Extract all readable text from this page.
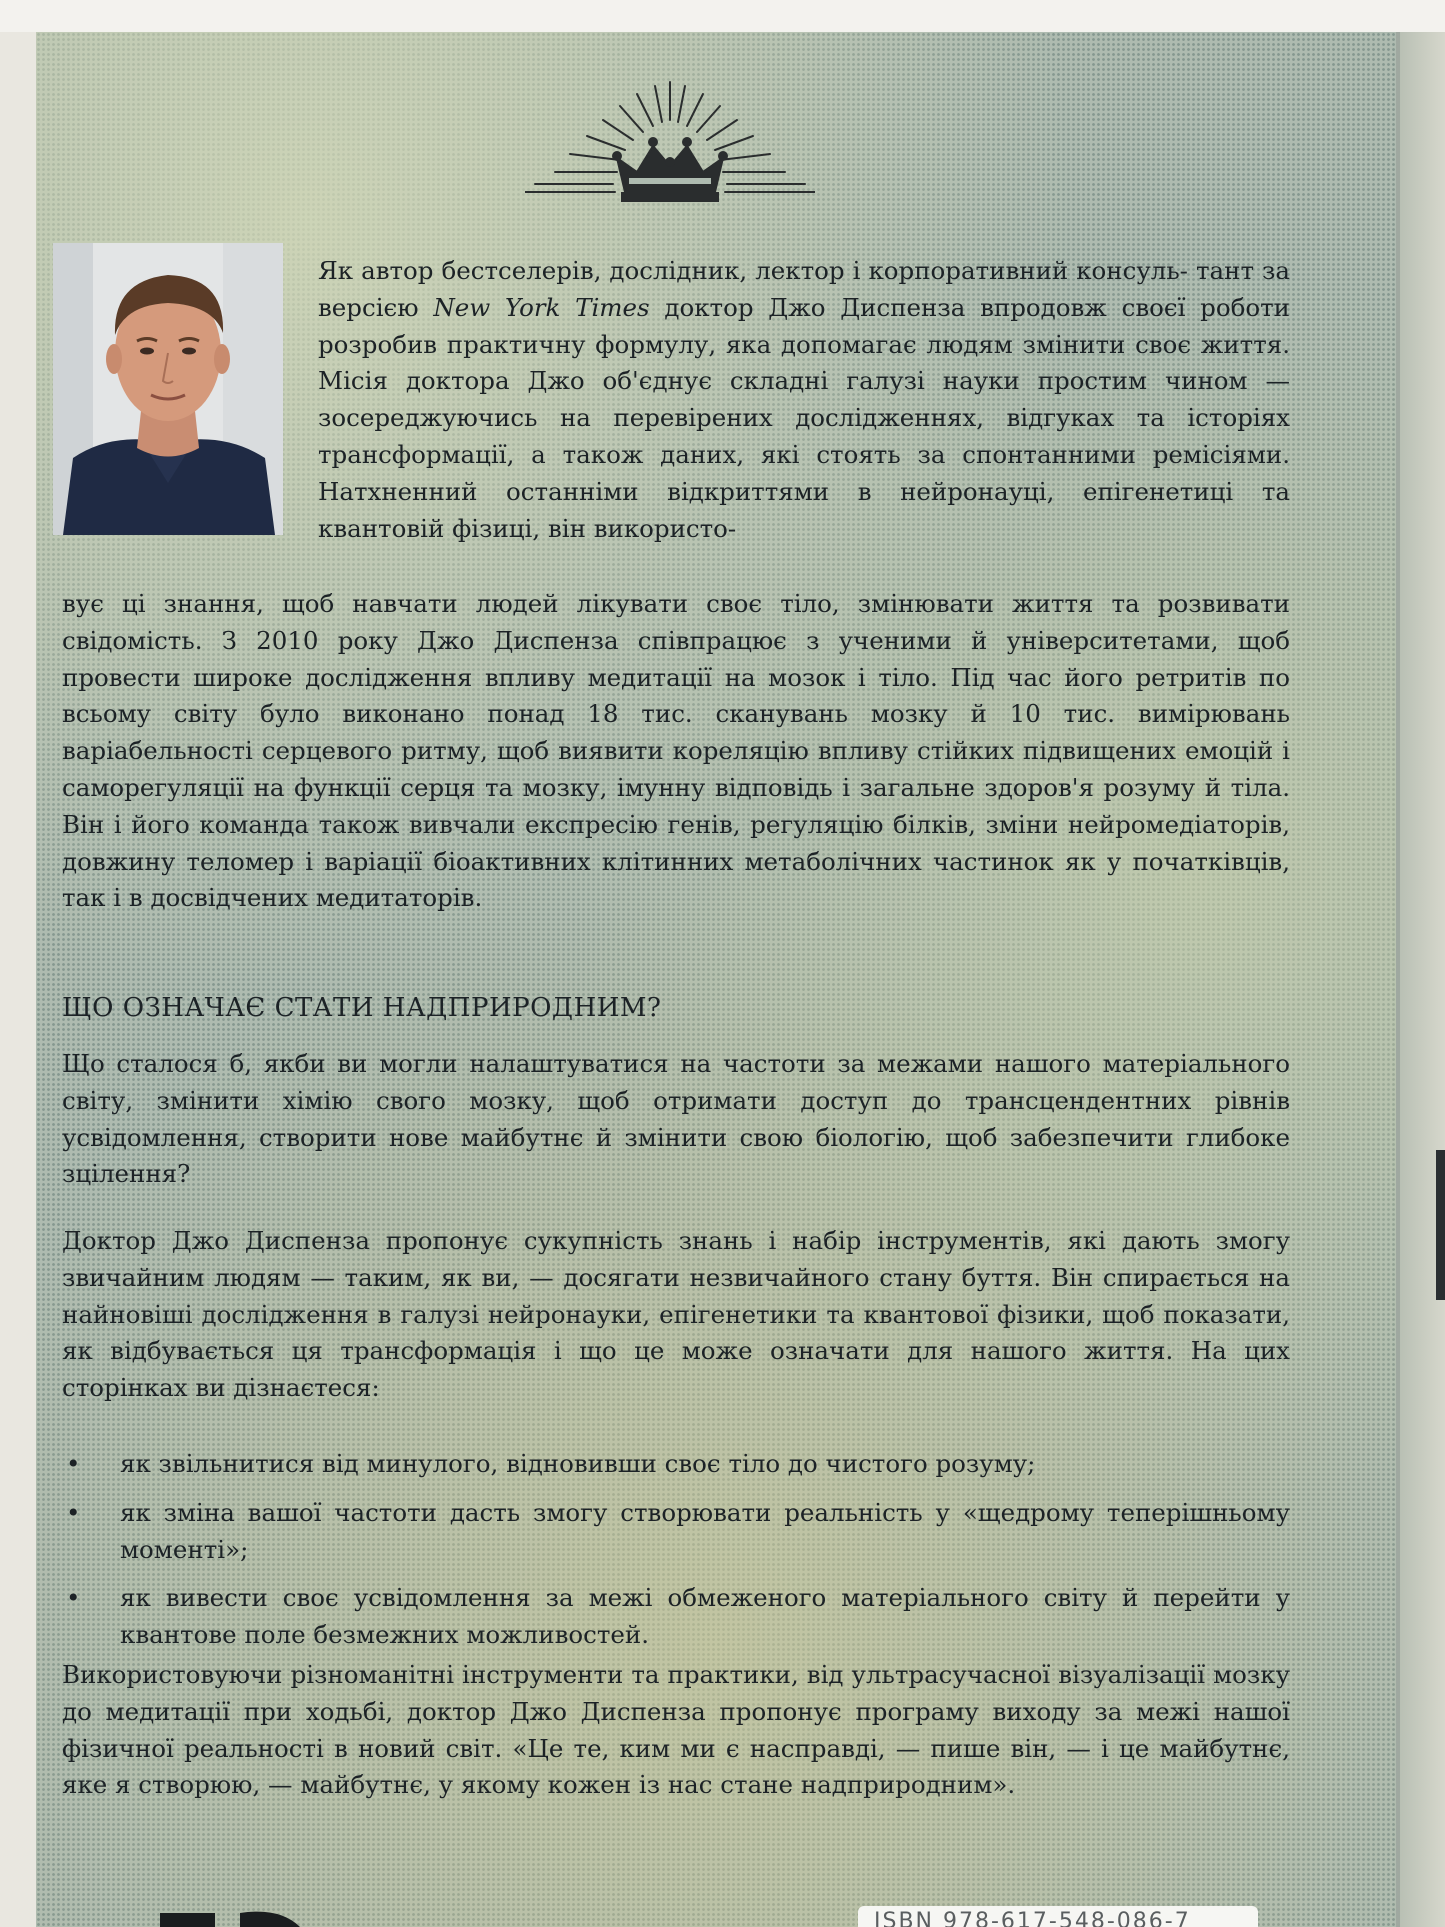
Як автор бестселерів, дослідник, лектор і корпоративний консуль- тант за версією New York Times доктор Джо Диспенза впродовж своєї роботи розробив практичну формулу, яка допомагає людям змінити своє життя. Місія доктора Джо об'єднує складні галузі науки простим чином — зосереджуючись на перевірених дослідженнях, відгуках та історіях трансформації, а також даних, які стоять за спонтанними ремісіями. Натхненний останніми відкриттями в нейронауці, епігенетиці та квантовій фізиці, він використо-
вує ці знання, щоб навчати людей лікувати своє тіло, змінювати життя та розвивати свідомість. З 2010 року Джо Диспенза співпрацює з ученими й університетами, щоб провести широке дослідження впливу медитації на мозок і тіло. Під час його ретритів по всьому світу було виконано понад 18 тис. сканувань мозку й 10 тис. вимірювань варіабельності серцевого ритму, щоб виявити кореляцію впливу стійких підвищених емоцій і саморегуляції на функції серця та мозку, імунну відповідь і загальне здоров'я розуму й тіла. Він і його команда також вивчали експресію генів, регуляцію білків, зміни нейромедіаторів, довжину теломер і варіації біоактивних клітинних метаболічних частинок як у початківців, так і в досвідчених медитаторів.
ЩО ОЗНАЧАЄ СТАТИ НАДПРИРОДНИМ?
Що сталося б, якби ви могли налаштуватися на частоти за межами нашого матеріального світу, змінити хімію свого мозку, щоб отримати доступ до трансцендентних рівнів усвідомлення, створити нове майбутнє й змінити свою біологію, щоб забезпечити глибоке зцілення?
Доктор Джо Диспенза пропонує сукупність знань і набір інструментів, які дають змогу звичайним людям — таким, як ви, — досягати незвичайного стану буття. Він спирається на найновіші дослідження в галузі нейронауки, епігенетики та квантової фізики, щоб показати, як відбувається ця трансформація і що це може означати для нашого життя. На цих сторінках ви дізнаєтеся:
• як звільнитися від минулого, відновивши своє тіло до чистого розуму;
• як зміна вашої частоти дасть змогу створювати реальність у «щедрому теперішньому моменті»;
• як вивести своє усвідомлення за межі обмеженого матеріального світу й перейти у квантове поле безмежних можливостей.
Використовуючи різноманітні інструменти та практики, від ультрасучасної візуалізації мозку до медитації при ходьбі, доктор Джо Диспенза пропонує програму виходу за межі нашої фізичної реальності в новий світ. «Це те, ким ми є насправді, — пише він, — і це майбутнє, яке я створюю, — майбутнє, у якому кожен із нас стане надприродним».
ISBN 978-617-548-086-7
